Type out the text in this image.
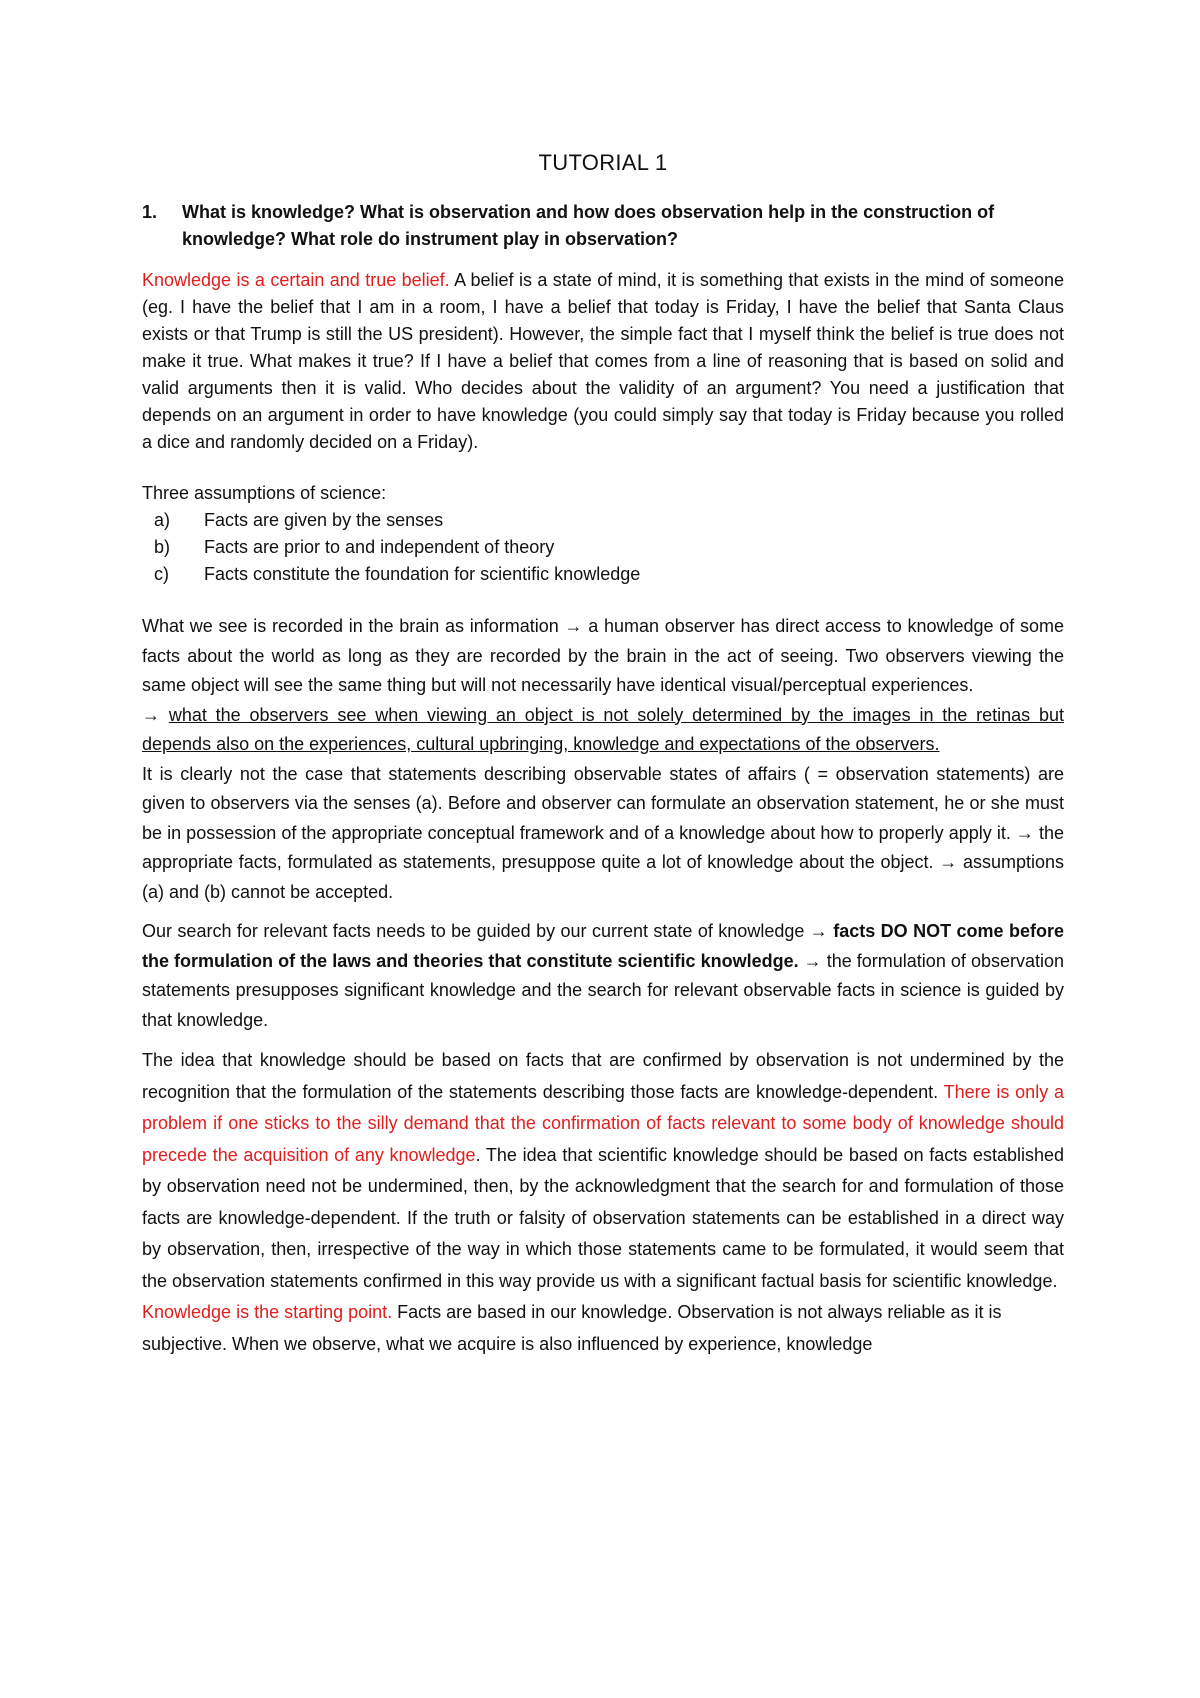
TUTORIAL 1
1.	What is knowledge? What is observation and how does observation help in the construction of knowledge? What role do instrument play in observation?

Knowledge is a certain and true belief. A belief is a state of mind, it is something that exists in the mind of someone (eg. I have the belief that I am in a room, I have a belief that today is Friday, I have the belief that Santa Claus exists or that Trump is still the US president). However, the simple fact that I myself think the belief is true does not make it true. What makes it true? If I have a belief that comes from a line of reasoning that is based on solid and valid arguments then it is valid. Who decides about the validity of an argument? You need a justification that depends on an argument in order to have knowledge (you could simply say that today is Friday because you rolled a dice and randomly decided on a Friday).

Three assumptions of science:

a)	Facts are given by the senses
b)	Facts are prior to and independent of theory
c)	Facts constitute the foundation for scientific knowledge

What we see is recorded in the brain as information → a human observer has direct access to knowledge of some facts about the world as long as they are recorded by the brain in the act of seeing. Two observers viewing the same object will see the same thing but will not necessarily have identical visual/perceptual experiences.

→ what the observers see when viewing an object is not solely determined by the images in the retinas but depends also on the experiences, cultural upbringing, knowledge and expectations of the observers.

It is clearly not the case that statements describing observable states of affairs ( = observation statements) are given to observers via the senses (a). Before and observer can formulate an observation statement, he or she must be in possession of the appropriate conceptual framework and of a knowledge about how to properly apply it. → the appropriate facts, formulated as statements, presuppose quite a lot of knowledge about the object. → assumptions (a) and (b) cannot be accepted.

Our search for relevant facts needs to be guided by our current state of knowledge → facts DO NOT come before the formulation of the laws and theories that constitute scientific knowledge. → the formulation of observation statements presupposes significant knowledge and the search for relevant observable facts in science is guided by that knowledge.

The idea that knowledge should be based on facts that are confirmed by observation is not undermined by the recognition that the formulation of the statements describing those facts are knowledge-dependent. There is only a problem if one sticks to the silly demand that the confirmation of facts relevant to some body of knowledge should precede the acquisition of any knowledge. The idea that scientific knowledge should be based on facts established by observation need not be undermined, then, by the acknowledgment that the search for and formulation of those facts are knowledge-dependent. If the truth or falsity of observation statements can be established in a direct way by observation, then, irrespective of the way in which those statements came to be formulated, it would seem that the observation statements confirmed in this way provide us with a significant factual basis for scientific knowledge.

Knowledge is the starting point. Facts are based in our knowledge. Observation is not always reliable as it is subjective. When we observe, what we acquire is also influenced by experience, knowledge
